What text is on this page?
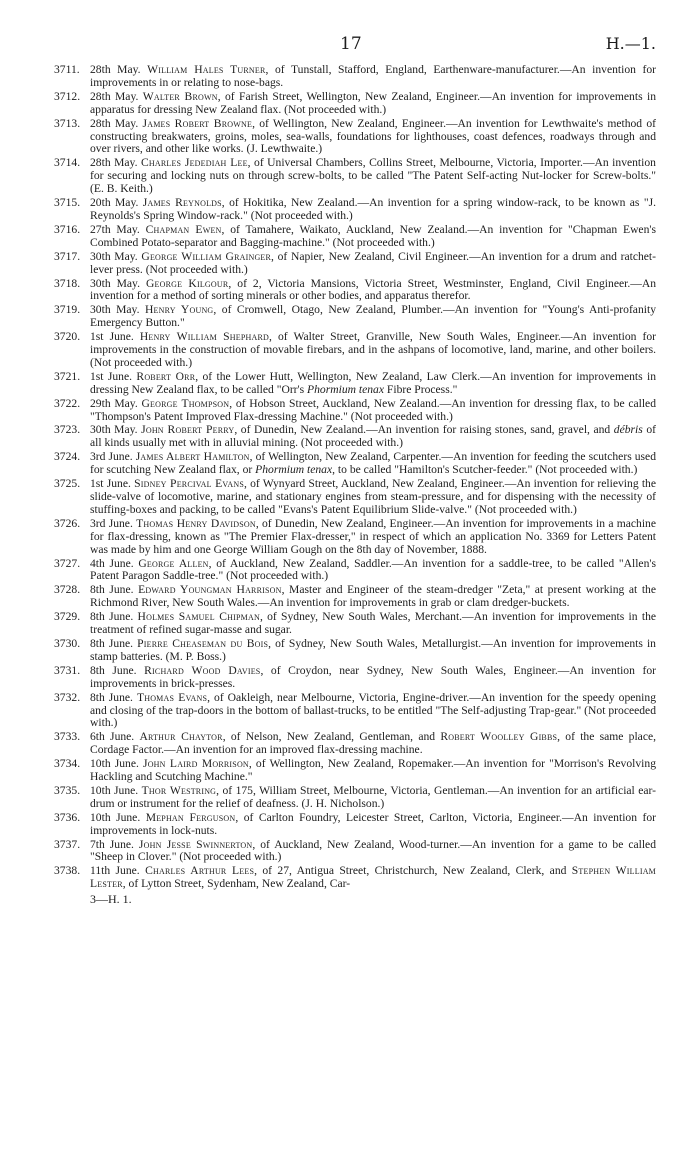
17	H.—1.

3711. 28th May. William Hales Turner, of Tunstall, Stafford, England, Earthenware-manufacturer.—An invention for improvements in or relating to nose-bags.

3712. 28th May. Walter Brown, of Farish Street, Wellington, New Zealand, Engineer.—An invention for improvements in apparatus for dressing New Zealand flax. (Not proceeded with.)

3713. 28th May. James Robert Browne, of Wellington, New Zealand, Engineer.—An invention for Lewthwaite's method of constructing breakwaters, groins, moles, sea-walls, foundations for lighthouses, coast defences, roadways through and over rivers, and other like works. (J. Lewthwaite.)

3714. 28th May. Charles Jedediah Lee, of Universal Chambers, Collins Street, Melbourne, Victoria, Importer.—An invention for securing and locking nuts on through screw-bolts, to be called "The Patent Self-acting Nut-locker for Screw-bolts." (E. B. Keith.)

3715. 20th May. James Reynolds, of Hokitika, New Zealand.—An invention for a spring window-rack, to be known as "J. Reynolds's Spring Window-rack." (Not proceeded with.)

3716. 27th May. Chapman Ewen, of Tamahere, Waikato, Auckland, New Zealand.—An invention for "Chapman Ewen's Combined Potato-separator and Bagging-machine." (Not proceeded with.)

3717. 30th May. George William Grainger, of Napier, New Zealand, Civil Engineer.—An invention for a drum and ratchet-lever press. (Not proceeded with.)

3718. 30th May. George Kilgour, of 2, Victoria Mansions, Victoria Street, Westminster, England, Civil Engineer.—An invention for a method of sorting minerals or other bodies, and apparatus therefor.

3719. 30th May. Henry Young, of Cromwell, Otago, New Zealand, Plumber.—An invention for "Young's Anti-profanity Emergency Button."

3720. 1st June. Henry William Shephard, of Walter Street, Granville, New South Wales, Engineer.—An invention for improvements in the construction of movable firebars, and in the ashpans of locomotive, land, marine, and other boilers. (Not proceeded with.)

3721. 1st June. Robert Orr, of the Lower Hutt, Wellington, New Zealand, Law Clerk.—An invention for improvements in dressing New Zealand flax, to be called "Orr's Phormium tenax Fibre Process."

3722. 29th May. George Thompson, of Hobson Street, Auckland, New Zealand.—An invention for dressing flax, to be called "Thompson's Patent Improved Flax-dressing Machine." (Not proceeded with.)

3723. 30th May. John Robert Perry, of Dunedin, New Zealand.—An invention for raising stones, sand, gravel, and débris of all kinds usually met with in alluvial mining. (Not proceeded with.)

3724. 3rd June. James Albert Hamilton, of Wellington, New Zealand, Carpenter.—An invention for feeding the scutchers used for scutching New Zealand flax, or Phormium tenax, to be called "Hamilton's Scutcher-feeder." (Not proceeded with.)

3725. 1st June. Sidney Percival Evans, of Wynyard Street, Auckland, New Zealand, Engineer.—An invention for relieving the slide-valve of locomotive, marine, and stationary engines from steam-pressure, and for dispensing with the necessity of stuffing-boxes and packing, to be called "Evans's Patent Equilibrium Slide-valve." (Not proceeded with.)

3726. 3rd June. Thomas Henry Davidson, of Dunedin, New Zealand, Engineer.—An invention for improvements in a machine for flax-dressing, known as "The Premier Flax-dresser," in respect of which an application No. 3369 for Letters Patent was made by him and one George William Gough on the 8th day of November, 1888.

3727. 4th June. George Allen, of Auckland, New Zealand, Saddler.—An invention for a saddle-tree, to be called "Allen's Patent Paragon Saddle-tree." (Not proceeded with.)

3728. 8th June. Edward Youngman Harrison, Master and Engineer of the steam-dredger "Zeta," at present working at the Richmond River, New South Wales.—An invention for improvements in grab or clam dredger-buckets.

3729. 8th June. Holmes Samuel Chipman, of Sydney, New South Wales, Merchant.—An invention for improvements in the treatment of refined sugar-masse and sugar.

3730. 8th June. Pierre Cheaseman du Bois, of Sydney, New South Wales, Metallurgist.—An invention for improvements in stamp batteries. (M. P. Boss.)

3731. 8th June. Richard Wood Davies, of Croydon, near Sydney, New South Wales, Engineer.—An invention for improvements in brick-presses.

3732. 8th June. Thomas Evans, of Oakleigh, near Melbourne, Victoria, Engine-driver.—An invention for the speedy opening and closing of the trap-doors in the bottom of ballast-trucks, to be entitled "The Self-adjusting Trap-gear." (Not proceeded with.)

3733. 6th June. Arthur Chaytor, of Nelson, New Zealand, Gentleman, and Robert Woolley Gibbs, of the same place, Cordage Factor.—An invention for an improved flax-dressing machine.

3734. 10th June. John Laird Morrison, of Wellington, New Zealand, Ropemaker.—An invention for "Morrison's Revolving Hackling and Scutching Machine."

3735. 10th June. Thor Westring, of 175, William Street, Melbourne, Victoria, Gentleman.—An invention for an artificial ear-drum or instrument for the relief of deafness. (J. H. Nicholson.)

3736. 10th June. Mephan Ferguson, of Carlton Foundry, Leicester Street, Carlton, Victoria, Engineer.—An invention for improvements in lock-nuts.

3737. 7th June. John Jesse Swinnerton, of Auckland, New Zealand, Wood-turner.—An invention for a game to be called "Sheep in Clover." (Not proceeded with.)

3738. 11th June. Charles Arthur Lees, of 27, Antigua Street, Christchurch, New Zealand, Clerk, and Stephen William Lester, of Lytton Street, Sydenham, New Zealand, Car-

3—H. 1.
